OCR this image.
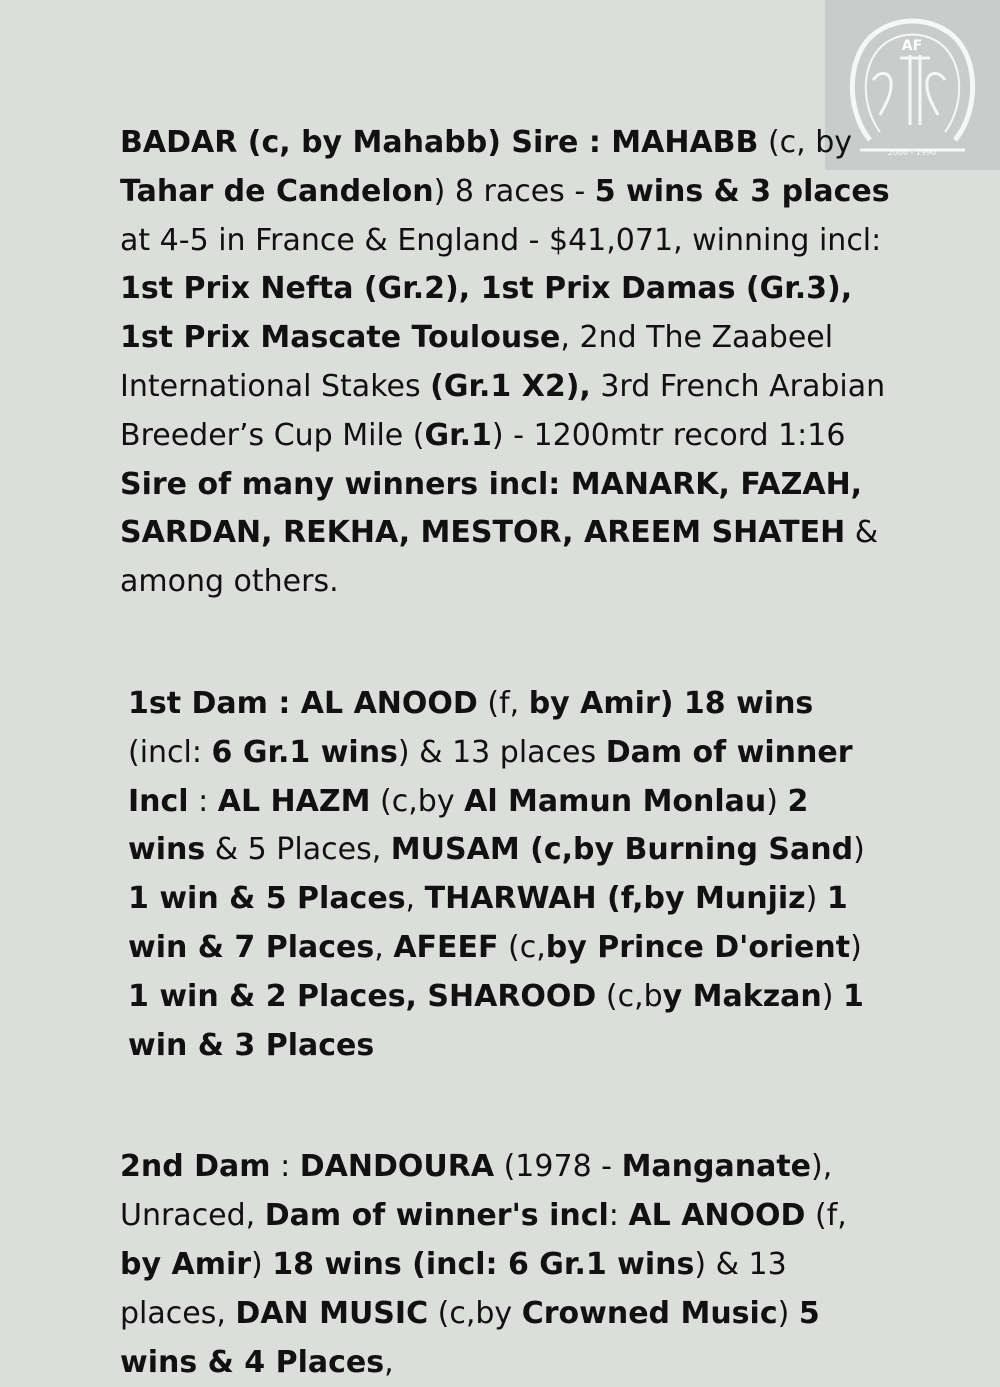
AF
2000 - 1990

BADAR (c, by Mahabb) Sire : MAHABB (c, by Tahar de Candelon) 8 races - 5 wins & 3 places at 4-5 in France & England - $41,071, winning incl: 1st Prix Nefta (Gr.2), 1st Prix Damas (Gr.3), 1st Prix Mascate Toulouse, 2nd The Zaabeel International Stakes (Gr.1 X2), 3rd French Arabian Breeder’s Cup Mile (Gr.1) - 1200mtr record 1:16 Sire of many winners incl: MANARK, FAZAH, SARDAN, REKHA, MESTOR, AREEM SHATEH & among others.

1st Dam : AL ANOOD (f, by Amir) 18 wins (incl: 6 Gr.1 wins) & 13 places Dam of winner Incl : AL HAZM (c,by Al Mamun Monlau) 2 wins & 5 Places, MUSAM (c,by Burning Sand) 1 win & 5 Places, THARWAH (f,by Munjiz) 1 win & 7 Places, AFEEF (c,by Prince D'orient) 1 win & 2 Places, SHAROOD (c,by Makzan) 1 win & 3 Places

2nd Dam : DANDOURA (1978 - Manganate), Unraced, Dam of winner's incl: AL ANOOD (f, by Amir) 18 wins (incl: 6 Gr.1 wins) & 13 places, DAN MUSIC (c,by Crowned Music) 5 wins & 4 Places,
